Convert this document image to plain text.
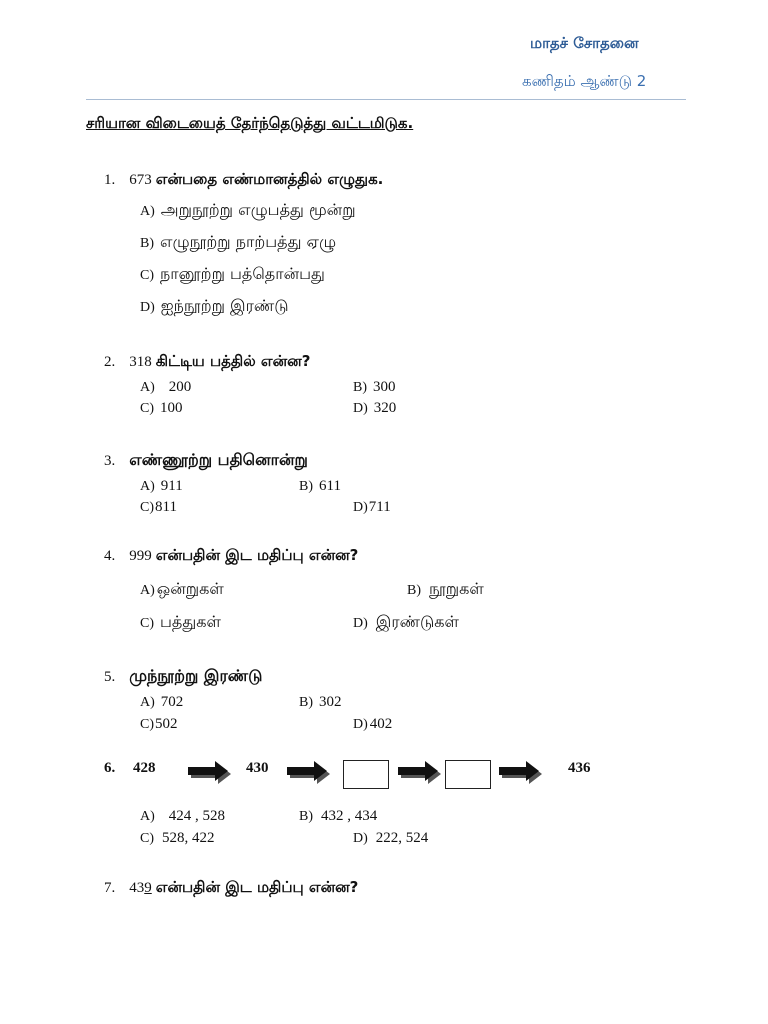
மாதச் சோதனை
கணிதம் ஆண்டு 2
சரியான விடையைத் தேர்ந்தெடுத்து வட்டமிடுக.
1. 673 என்பதை எண்மானத்தில் எழுதுக.
A) அறுநூற்று எழுபத்து மூன்று
B) எழுநூற்று நாற்பத்து ஏழு
C) நானூற்று பத்தொன்பது
D) ஐந்நூற்று இரண்டு
2. 318 கிட்டிய பத்தில் என்ன?
A) 200	B) 300
C) 100	D) 320
3. எண்ணூற்று பதினொன்று
A) 911	B) 611
C)811	D)711
4. 999 என்பதின் இட மதிப்பு என்ன?
A) ஒன்றுகள்	B) நூறுகள்
C) பத்துகள்	D) இரண்டுகள்
5. முந்நூற்று இரண்டு
A) 702	B) 302
C)502	D) 402
6. 428	430	436
A) 424 , 528	B) 432 , 434
C) 528, 422	D) 222, 524
7. 439 என்பதின் இட மதிப்பு என்ன?
